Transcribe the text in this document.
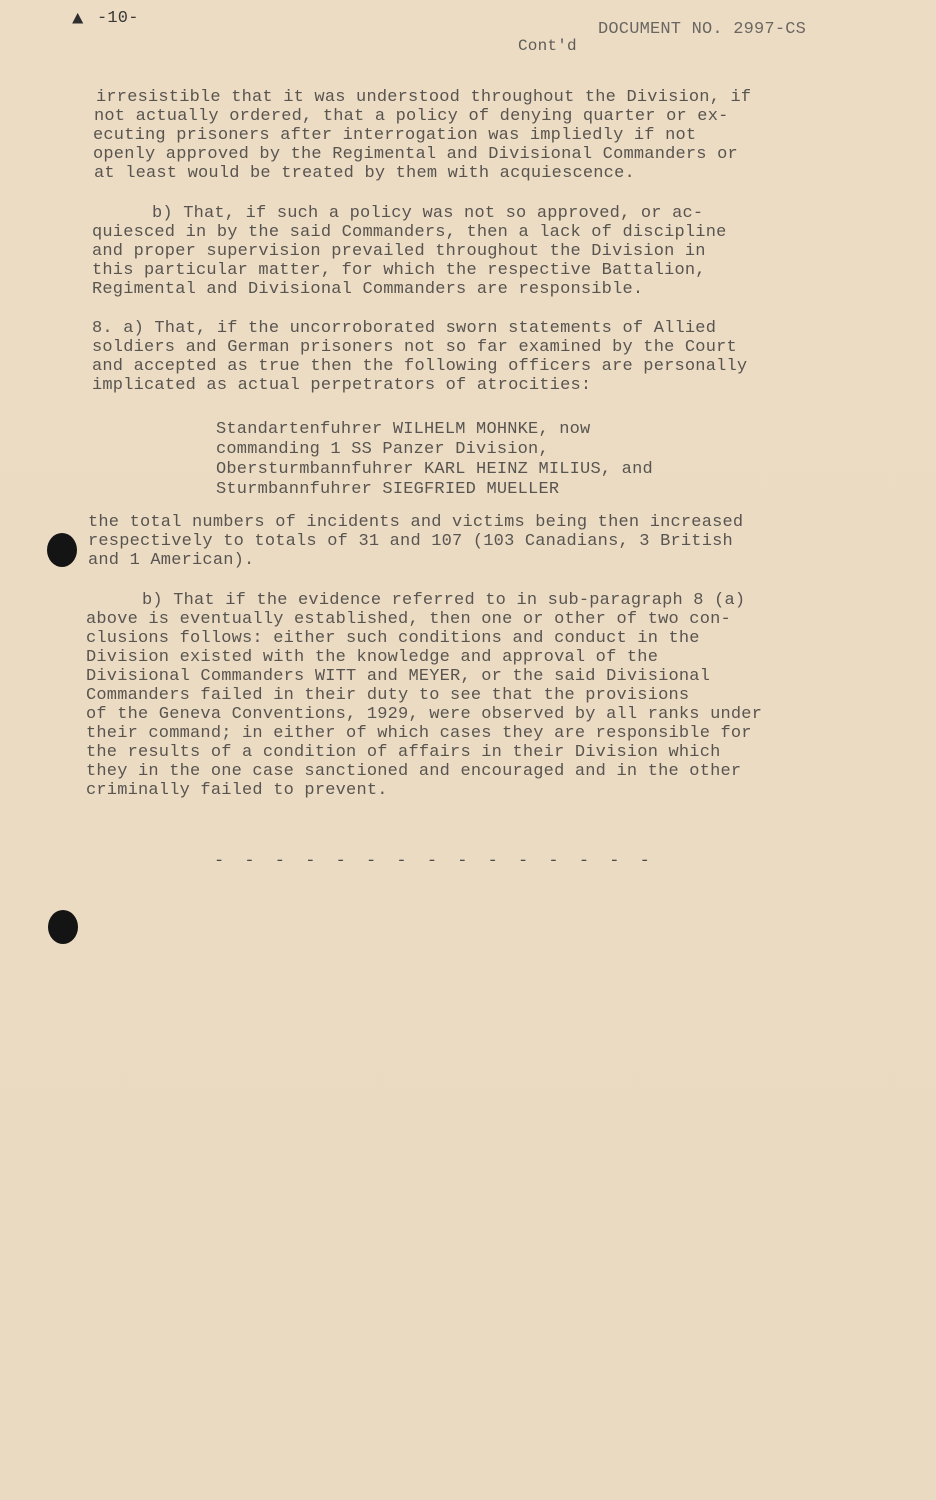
▲ -10-
DOCUMENT NO. 2997-CS
Cont'd
irresistible that it was understood throughout the Division, if
not actually ordered, that a policy of denying quarter or ex-
ecuting prisoners after interrogation was impliedly if not
openly approved by the Regimental and Divisional Commanders or
at least would be treated by them with acquiescence.
b) That, if such a policy was not so approved, or ac-
quiesced in by the said Commanders, then a lack of discipline
and proper supervision prevailed throughout the Division in
this particular matter, for which the respective Battalion,
Regimental and Divisional Commanders are responsible.
8. a) That, if the uncorroborated sworn statements of Allied
soldiers and German prisoners not so far examined by the Court
and accepted as true then the following officers are personally
implicated as actual perpetrators of atrocities:
Standartenfuhrer WILHELM MOHNKE, now
commanding 1 SS Panzer Division,
Obersturmbannfuhrer KARL HEINZ MILIUS, and
Sturmbannfuhrer SIEGFRIED MUELLER
the total numbers of incidents and victims being then increased
respectively to totals of 31 and 107 (103 Canadians, 3 British
and 1 American).
b) That if the evidence referred to in sub-paragraph 8 (a)
above is eventually established, then one or other of two con-
clusions follows: either such conditions and conduct in the
Division existed with the knowledge and approval of the
Divisional Commanders WITT and MEYER, or the said Divisional
Commanders failed in their duty to see that the provisions
of the Geneva Conventions, 1929, were observed by all ranks under
their command; in either of which cases they are responsible for
the results of a condition of affairs in their Division which
they in the one case sanctioned and encouraged and in the other
criminally failed to prevent.
- - - - - - - - - - - - - - -
